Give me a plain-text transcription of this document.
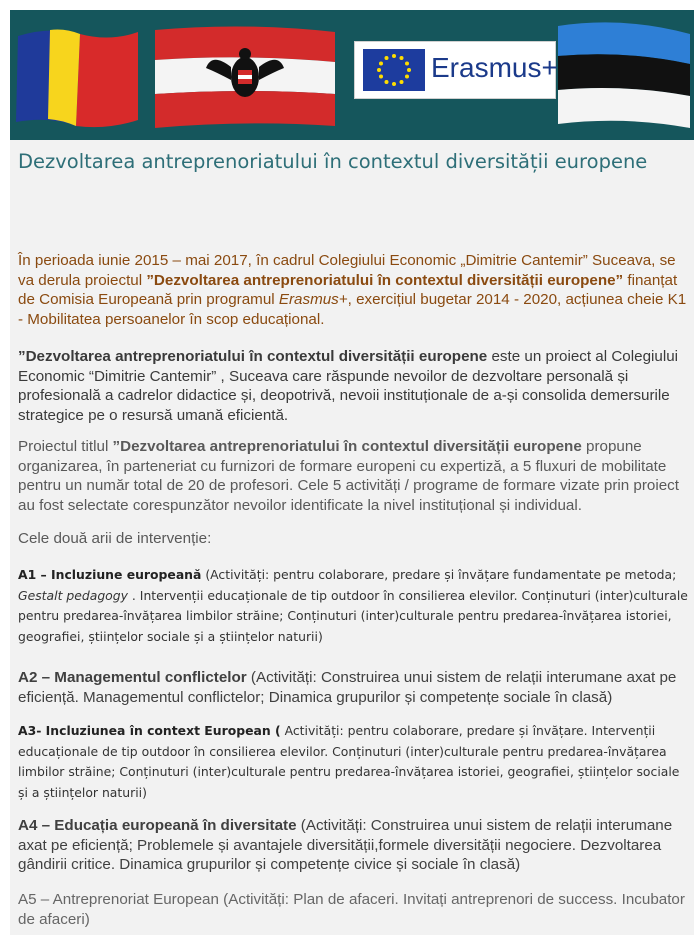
Erasmus+
Dezvoltarea antreprenoriatului în contextul diversității europene

În perioada iunie 2015 – mai 2017, în cadrul Colegiului Economic „Dimitrie Cantemir” Suceava, se va derula proiectul ”Dezvoltarea antreprenoriatului în contextul diversității europene” finanțat de Comisia Europeană prin programul Erasmus+, exercițiul bugetar 2014 - 2020, acțiunea cheie K1 - Mobilitatea persoanelor în scop educațional.

”Dezvoltarea antreprenoriatului în contextul diversității europene este un proiect al Colegiului Economic “Dimitrie Cantemir” , Suceava care răspunde nevoilor de dezvoltare personală și profesională a cadrelor didactice și, deopotrivă, nevoii instituționale de a-și consolida demersurile strategice pe o resursă umană eficientă.

Proiectul titlul ”Dezvoltarea antreprenoriatului în contextul diversității europene propune organizarea, în parteneriat cu furnizori de formare europeni cu expertiză, a 5 fluxuri de mobilitate pentru un număr total de 20 de profesori. Cele 5 activități / programe de formare vizate prin proiect au fost selectate corespunzător nevoilor identificate la nivel instituțional și individual.

Cele două arii de intervenție:

A1 – Incluziune europeană (Activități: pentru colaborare, predare și învățare fundamentate pe metoda; Gestalt pedagogy . Intervenții educaționale de tip outdoor în consilierea elevilor. Conținuturi (inter)culturale pentru predarea-învățarea limbilor străine; Conținuturi (inter)culturale pentru predarea-învățarea istoriei, geografiei, științelor sociale și a științelor naturii)

A2 – Managementul conflictelor (Activități: Construirea unui sistem de relații interumane axat pe eficiență. Managementul conflictelor; Dinamica grupurilor și competențe sociale în clasă)

A3- Incluziunea în context European ( Activități: pentru colaborare, predare și învățare. Intervenții educaționale de tip outdoor în consilierea elevilor. Conținuturi (inter)culturale pentru predarea-învățarea limbilor străine; Conținuturi (inter)culturale pentru predarea-învățarea istoriei, geografiei, științelor sociale și a științelor naturii)

A4 – Educația europeană în diversitate (Activități: Construirea unui sistem de relații interumane axat pe eficiență; Problemele și avantajele diversității,formele diversității negociere. Dezvoltarea gândirii critice. Dinamica grupurilor și competențe civice și sociale în clasă)

A5 – Antreprenoriat European (Activități: Plan de afaceri. Invitați antreprenori de success. Incubator de afaceri)
